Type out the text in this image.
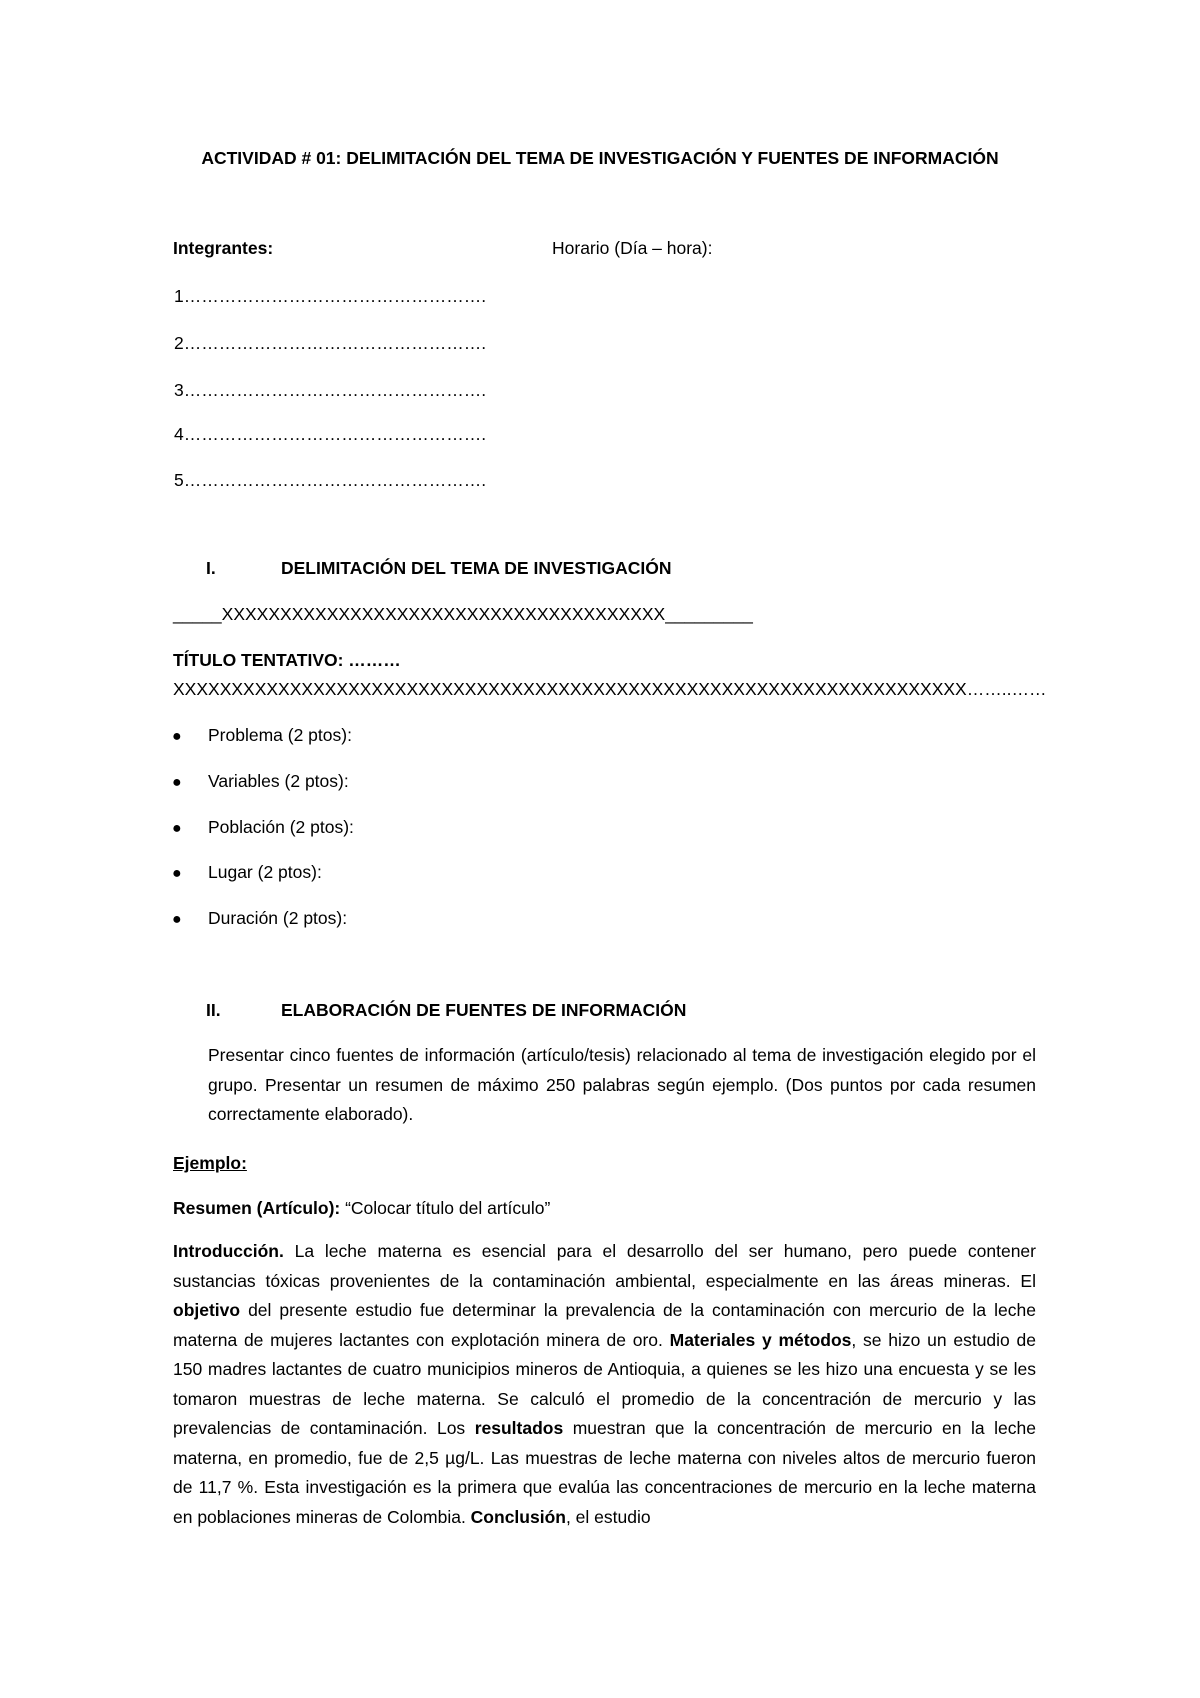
ACTIVIDAD # 01: DELIMITACIÓN DEL TEMA DE INVESTIGACIÓN Y FUENTES DE INFORMACIÓN
Integrantes:	Horario (Día – hora):
1…………………………………………….
2…………………………………………….
3…………………………………………….
4…………………………………………….
5…………………………………………….
I.	DELIMITACIÓN DEL TEMA DE INVESTIGACIÓN
_____XXXXXXXXXXXXXXXXXXXXXXXXXXXXXXXXXXXXXX_________
TÍTULO TENTATIVO: ………
XXXXXXXXXXXXXXXXXXXXXXXXXXXXXXXXXXXXXXXXXXXXXXXXXXXXXXXXXXXXXXXXXXXX……..……
● Problema (2 ptos):
● Variables (2 ptos):
● Población (2 ptos):
● Lugar (2 ptos):
● Duración (2 ptos):
II.	ELABORACIÓN DE FUENTES DE INFORMACIÓN

Presentar cinco fuentes de información (artículo/tesis) relacionado al tema de investigación elegido por el grupo. Presentar un resumen de máximo 250 palabras según ejemplo. (Dos puntos por cada resumen correctamente elaborado).

Ejemplo:
Resumen (Artículo): “Colocar título del artículo”

Introducción. La leche materna es esencial para el desarrollo del ser humano, pero puede contener sustancias tóxicas provenientes de la contaminación ambiental, especialmente en las áreas mineras. El objetivo del presente estudio fue determinar la prevalencia de la contaminación con mercurio de la leche materna de mujeres lactantes con explotación minera de oro. Materiales y métodos, se hizo un estudio de 150 madres lactantes de cuatro municipios mineros de Antioquia, a quienes se les hizo una encuesta y se les tomaron muestras de leche materna. Se calculó el promedio de la concentración de mercurio y las prevalencias de contaminación. Los resultados muestran que la concentración de mercurio en la leche materna, en promedio, fue de 2,5 µg/L. Las muestras de leche materna con niveles altos de mercurio fueron de 11,7 %. Esta investigación es la primera que evalúa las concentraciones de mercurio en la leche materna en poblaciones mineras de Colombia. Conclusión, el estudio
